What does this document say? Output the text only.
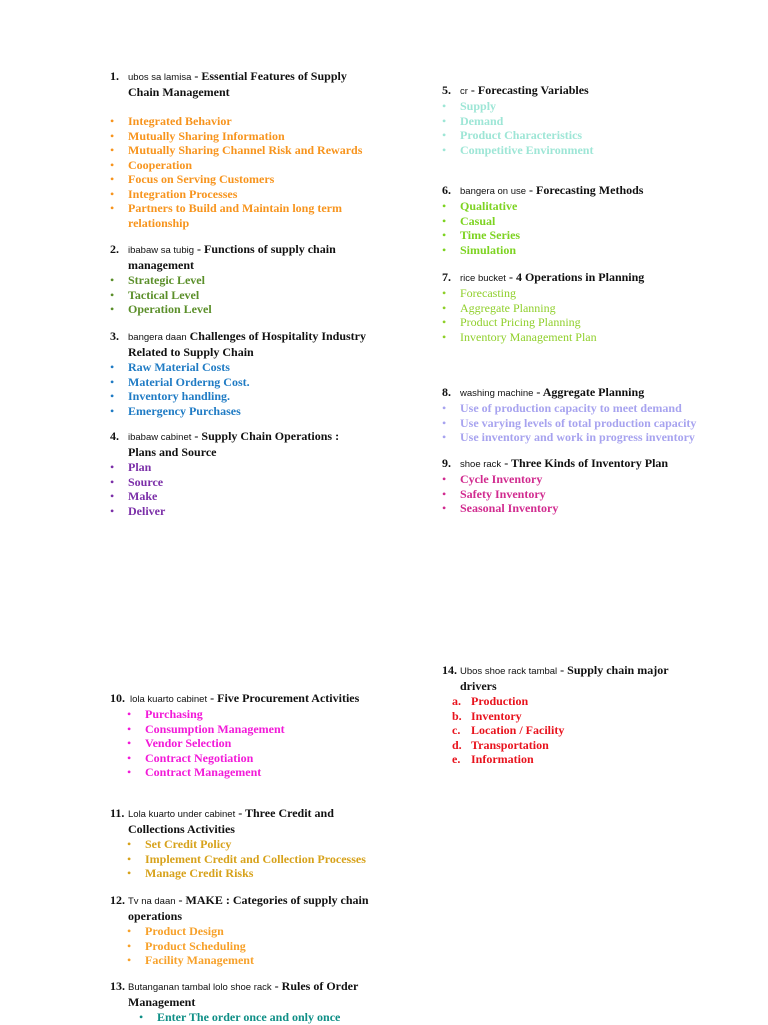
1. ubos sa lamisa - Essential Features of Supply Chain Management
• Integrated Behavior
• Mutually Sharing Information
• Mutually Sharing Channel Risk and Rewards
• Cooperation
• Focus on Serving Customers
• Integration Processes
• Partners to Build and Maintain long term relationship
2. ibabaw sa tubig - Functions of supply chain management
• Strategic Level
• Tactical Level
• Operation Level
3. bangera daan Challenges of Hospitality Industry Related to Supply Chain
• Raw Material Costs
• Material Orderng Cost.
• Inventory handling.
• Emergency Purchases
4. ibabaw cabinet - Supply Chain Operations : Plans and Source
• Plan
• Source
• Make
• Deliver
5. cr - Forecasting Variables
• Supply
• Demand
• Product Characteristics
• Competitive Environment
6. bangera on use - Forecasting Methods
• Qualitative
• Casual
• Time Series
• Simulation
7. rice bucket - 4 Operations in Planning
• Forecasting
• Aggregate Planning
• Product Pricing Planning
• Inventory Management Plan
8. washing machine - Aggregate Planning
• Use of production capacity to meet demand
• Use varying levels of total production capacity
• Use inventory and work in progress inventory
9. shoe rack - Three Kinds of Inventory Plan
• Cycle Inventory
• Safety Inventory
• Seasonal Inventory
14. Ubos shoe rack tambal - Supply chain major drivers
a. Production
b. Inventory
c. Location / Facility
d. Transportation
e. Information
10. lola kuarto cabinet - Five Procurement Activities
• Purchasing
• Consumption Management
• Vendor Selection
• Contract Negotiation
• Contract Management
11. Lola kuarto under cabinet - Three Credit and Collections Activities
• Set Credit Policy
• Implement Credit and Collection Processes
• Manage Credit Risks
12. Tv na daan - MAKE : Categories of supply chain operations
• Product Design
• Product Scheduling
• Facility Management
13. Butanganan tambal lolo shoe rack - Rules of Order Management
• Enter The order once and only once
